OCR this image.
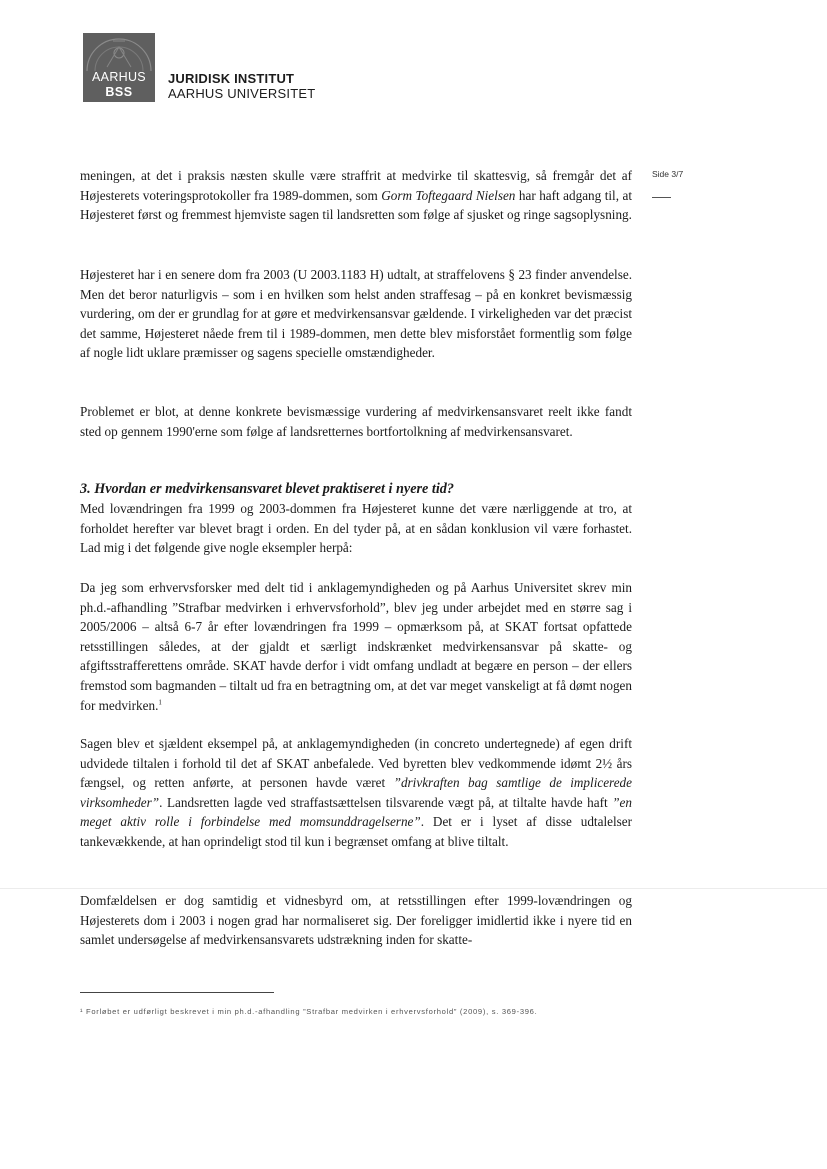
AARHUS
BSS
JURIDISK INSTITUT
AARHUS UNIVERSITET
Side 3/7

meningen, at det i praksis næsten skulle være straffrit at medvirke til skattesvig, så fremgår det af Højesterets voteringsprotokoller fra 1989-dommen, som Gorm Toftegaard Nielsen har haft adgang til, at Højesteret først og fremmest hjemviste sagen til landsretten som følge af sjusket og ringe sagsoplysning.

Højesteret har i en senere dom fra 2003 (U 2003.1183 H) udtalt, at straffelovens § 23 finder anvendelse. Men det beror naturligvis – som i en hvilken som helst anden straffesag – på en konkret bevismæssig vurdering, om der er grundlag for at gøre et medvirkensansvar gældende. I virkeligheden var det præcist det samme, Højesteret nåede frem til i 1989-dommen, men dette blev misforstået formentlig som følge af nogle lidt uklare præmisser og sagens specielle omstændigheder.

Problemet er blot, at denne konkrete bevismæssige vurdering af medvirkensansvaret reelt ikke fandt sted op gennem 1990'erne som følge af landsretternes bortfortolkning af medvirkensansvaret.

3. Hvordan er medvirkensansvaret blevet praktiseret i nyere tid?

Med lovændringen fra 1999 og 2003-dommen fra Højesteret kunne det være nærliggende at tro, at forholdet herefter var blevet bragt i orden. En del tyder på, at en sådan konklusion vil være forhastet. Lad mig i det følgende give nogle eksempler herpå:

Da jeg som erhvervsforsker med delt tid i anklagemyndigheden og på Aarhus Universitet skrev min ph.d.-afhandling ”Strafbar medvirken i erhvervsforhold”, blev jeg under arbejdet med en større sag i 2005/2006 – altså 6-7 år efter lovændringen fra 1999 – opmærksom på, at SKAT fortsat opfattede retsstillingen således, at der gjaldt et særligt indskrænket medvirkensansvar på skatte- og afgiftsstrafferettens område. SKAT havde derfor i vidt omfang undladt at begære en person – der ellers fremstod som bagmanden – tiltalt ud fra en betragtning om, at det var meget vanskeligt at få dømt nogen for medvirken.$^1$

Sagen blev et sjældent eksempel på, at anklagemyndigheden (in concreto undertegnede) af egen drift udvidede tiltalen i forhold til det af SKAT anbefalede. Ved byretten blev vedkommende idømt 2½ års fængsel, og retten anførte, at personen havde været ”drivkraften bag samtlige de implicerede virksomheder”. Landsretten lagde ved straffastsættelsen tilsvarende vægt på, at tiltalte havde haft ”en meget aktiv rolle i forbindelse med momsunddragelserne”. Det er i lyset af disse udtalelser tankevækkende, at han oprindeligt stod til kun i begrænset omfang at blive tiltalt.

Domfældelsen er dog samtidig et vidnesbyrd om, at retsstillingen efter 1999-lovændringen og Højesterets dom i 2003 i nogen grad har normaliseret sig. Der foreligger imidlertid ikke i nyere tid en samlet undersøgelse af medvirkensansvarets udstrækning inden for skatte-

¹ Forløbet er udførligt beskrevet i min ph.d.-afhandling ”Strafbar medvirken i erhvervsforhold” (2009), s. 369-396.
